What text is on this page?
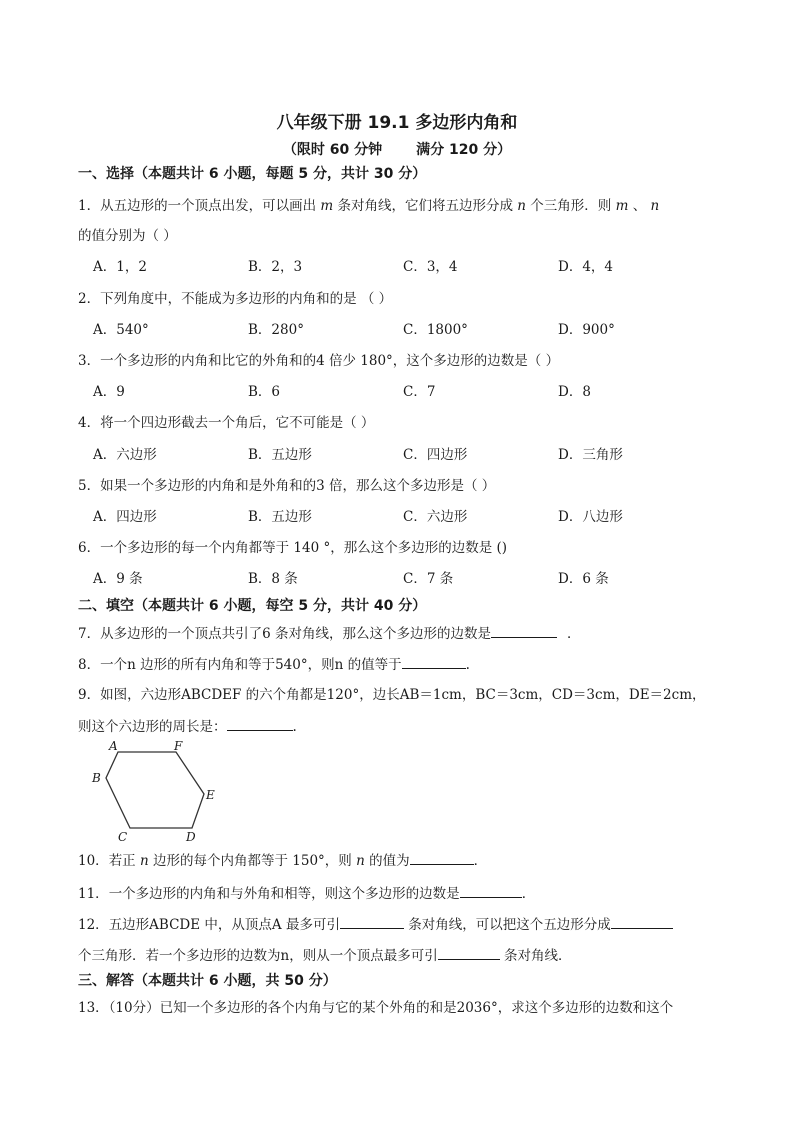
八年级下册 19.1 多边形内角和
（限时 60 分钟 满分 120 分）
一、选择（本题共计 6 小题，每题 5 分，共计 30 分）
1．从五边形的一个顶点出发，可以画出 m 条对角线，它们将五边形分成 n 个三角形．则 m 、 n
的值分别为（ ）
A．1，2	B．2，3	C．3，4	D．4，4
2．下列角度中，不能成为多边形的内角和的是 （ ）
A．540°	B．280°	C．1800°	D．900°
3．一个多边形的内角和比它的外角和的4 倍少 180°，这个多边形的边数是（ ）
A．9	B．6	C．7	D．8
4．将一个四边形截去一个角后，它不可能是（ ）
A．六边形	B．五边形	C．四边形	D．三角形
5．如果一个多边形的内角和是外角和的3 倍，那么这个多边形是（ ）
A．四边形	B．五边形	C．六边形	D．八边形
6．一个多边形的每一个内角都等于 140 °，那么这个多边形的边数是 ()
A．9 条	B．8 条	C．7 条	D．6 条
二、填空（本题共计 6 小题，每空 5 分，共计 40 分）
7．从多边形的一个顶点共引了6 条对角线，那么这个多边形的边数是	．
8．一个n 边形的所有内角和等于540°，则n 的值等于	.
9．如图，六边形ABCDEF 的六个角都是120°，边长AB＝1cm，BC＝3cm，CD＝3cm，DE＝2cm，
则这个六边形的周长是：	.
A	F
B
E
C	D
10．若正 n 边形的每个内角都等于 150°，则 n 的值为	．
11．一个多边形的内角和与外角和相等，则这个多边形的边数是	．
12．五边形ABCDE 中，从顶点A 最多可引	条对角线，可以把这个五边形分成
个三角形．若一个多边形的边数为n，则从一个顶点最多可引	条对角线．
三、解答（本题共计 6 小题，共 50 分）
13．（10分）已知一个多边形的各个内角与它的某个外角的和是2036°，求这个多边形的边数和这个
